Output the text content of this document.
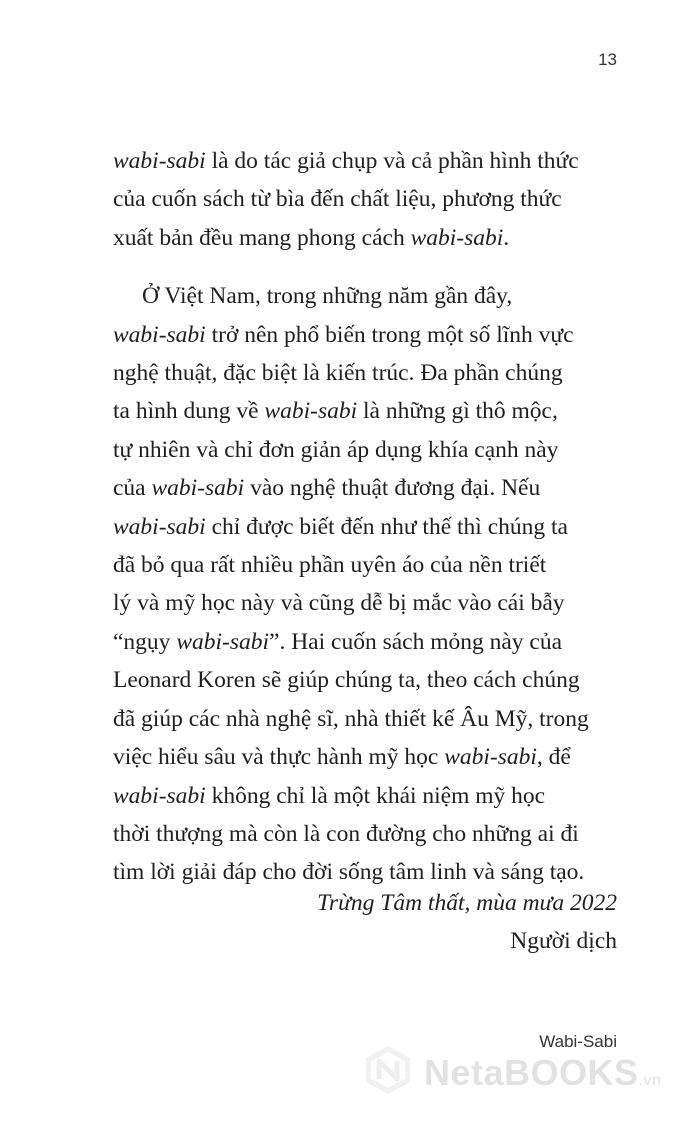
13
wabi-sabi là do tác giả chụp và cả phần hình thức
của cuốn sách từ bìa đến chất liệu, phương thức
xuất bản đều mang phong cách wabi-sabi.
Ở Việt Nam, trong những năm gần đây,
wabi-sabi trở nên phổ biến trong một số lĩnh vực
nghệ thuật, đặc biệt là kiến trúc. Đa phần chúng
ta hình dung về wabi-sabi là những gì thô mộc,
tự nhiên và chỉ đơn giản áp dụng khía cạnh này
của wabi-sabi vào nghệ thuật đương đại. Nếu
wabi-sabi chỉ được biết đến như thế thì chúng ta
đã bỏ qua rất nhiều phần uyên áo của nền triết
lý và mỹ học này và cũng dễ bị mắc vào cái bẫy
“ngụy wabi-sabi”. Hai cuốn sách mỏng này của
Leonard Koren sẽ giúp chúng ta, theo cách chúng
đã giúp các nhà nghệ sĩ, nhà thiết kế Âu Mỹ, trong
việc hiểu sâu và thực hành mỹ học wabi-sabi, để
wabi-sabi không chỉ là một khái niệm mỹ học
thời thượng mà còn là con đường cho những ai đi
tìm lời giải đáp cho đời sống tâm linh và sáng tạo.
Trừng Tâm thất, mùa mưa 2022
Người dịch
Wabi-Sabi
NetaBOOKS.vn
